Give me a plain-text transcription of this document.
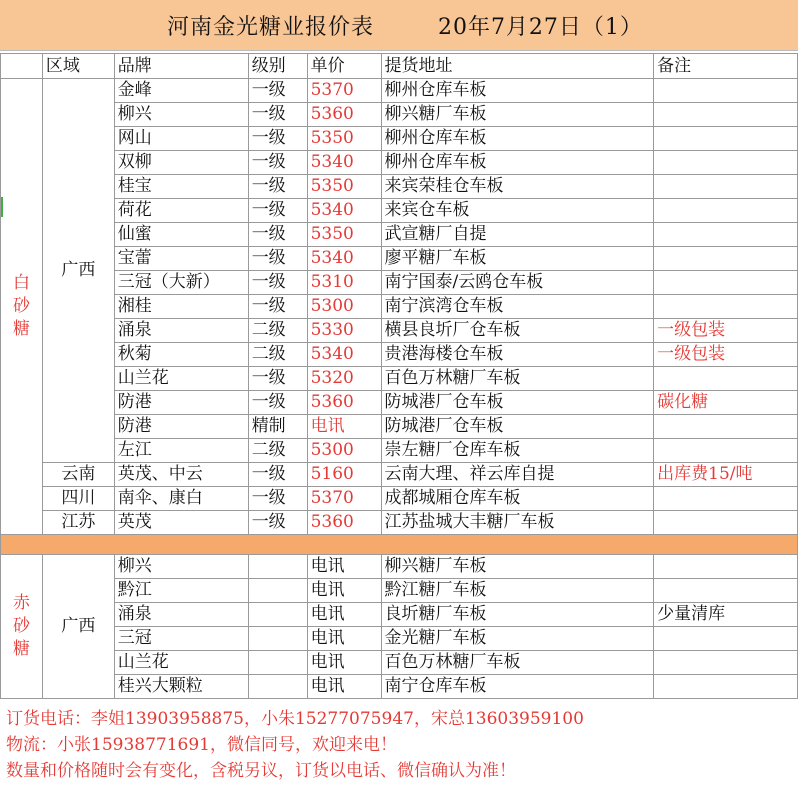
河南金光糖业报价表        20年7月27日（1）
	区域	品牌	级别	单价	提货地址	备注
白
砂
糖	广西	金峰	一级	5370	柳州仓库车板	
		柳兴	一级	5360	柳兴糖厂车板	
		网山	一级	5350	柳州仓库车板	
		双柳	一级	5340	柳州仓库车板	
		桂宝	一级	5350	来宾荣桂仓车板	
		荷花	一级	5340	来宾仓车板	
		仙蜜	一级	5350	武宣糖厂自提	
		宝蕾	一级	5340	廖平糖厂车板	
		三冠（大新）	一级	5310	南宁国泰/云鸥仓车板	
		湘桂	一级	5300	南宁滨湾仓车板	
		涌泉	二级	5330	横县良圻厂仓车板	一级包装
		秋菊	二级	5340	贵港海楼仓车板	一级包装
		山兰花	一级	5320	百色万林糖厂车板	
		防港	一级	5360	防城港厂仓车板	碳化糖
		防港	精制	电讯	防城港厂仓车板	
		左江	二级	5300	崇左糖厂仓库车板	
	云南	英茂、中云	一级	5160	云南大理、祥云库自提	出库费15/吨
	四川	南伞、康白	一级	5370	成都城厢仓库车板	
	江苏	英茂	一级	5360	江苏盐城大丰糖厂车板	

赤
砂
糖	广西	柳兴		电讯	柳兴糖厂车板	
		黔江		电讯	黔江糖厂车板	
		涌泉		电讯	良圻糖厂车板	少量清库
		三冠		电讯	金光糖厂车板	
		山兰花		电讯	百色万林糖厂车板	
		桂兴大颗粒		电讯	南宁仓库车板	
订货电话：李姐13903958875，小朱15277075947，宋总13603959100
物流：小张15938771691，微信同号，欢迎来电！
数量和价格随时会有变化，含税另议，订货以电话、微信确认为准！
